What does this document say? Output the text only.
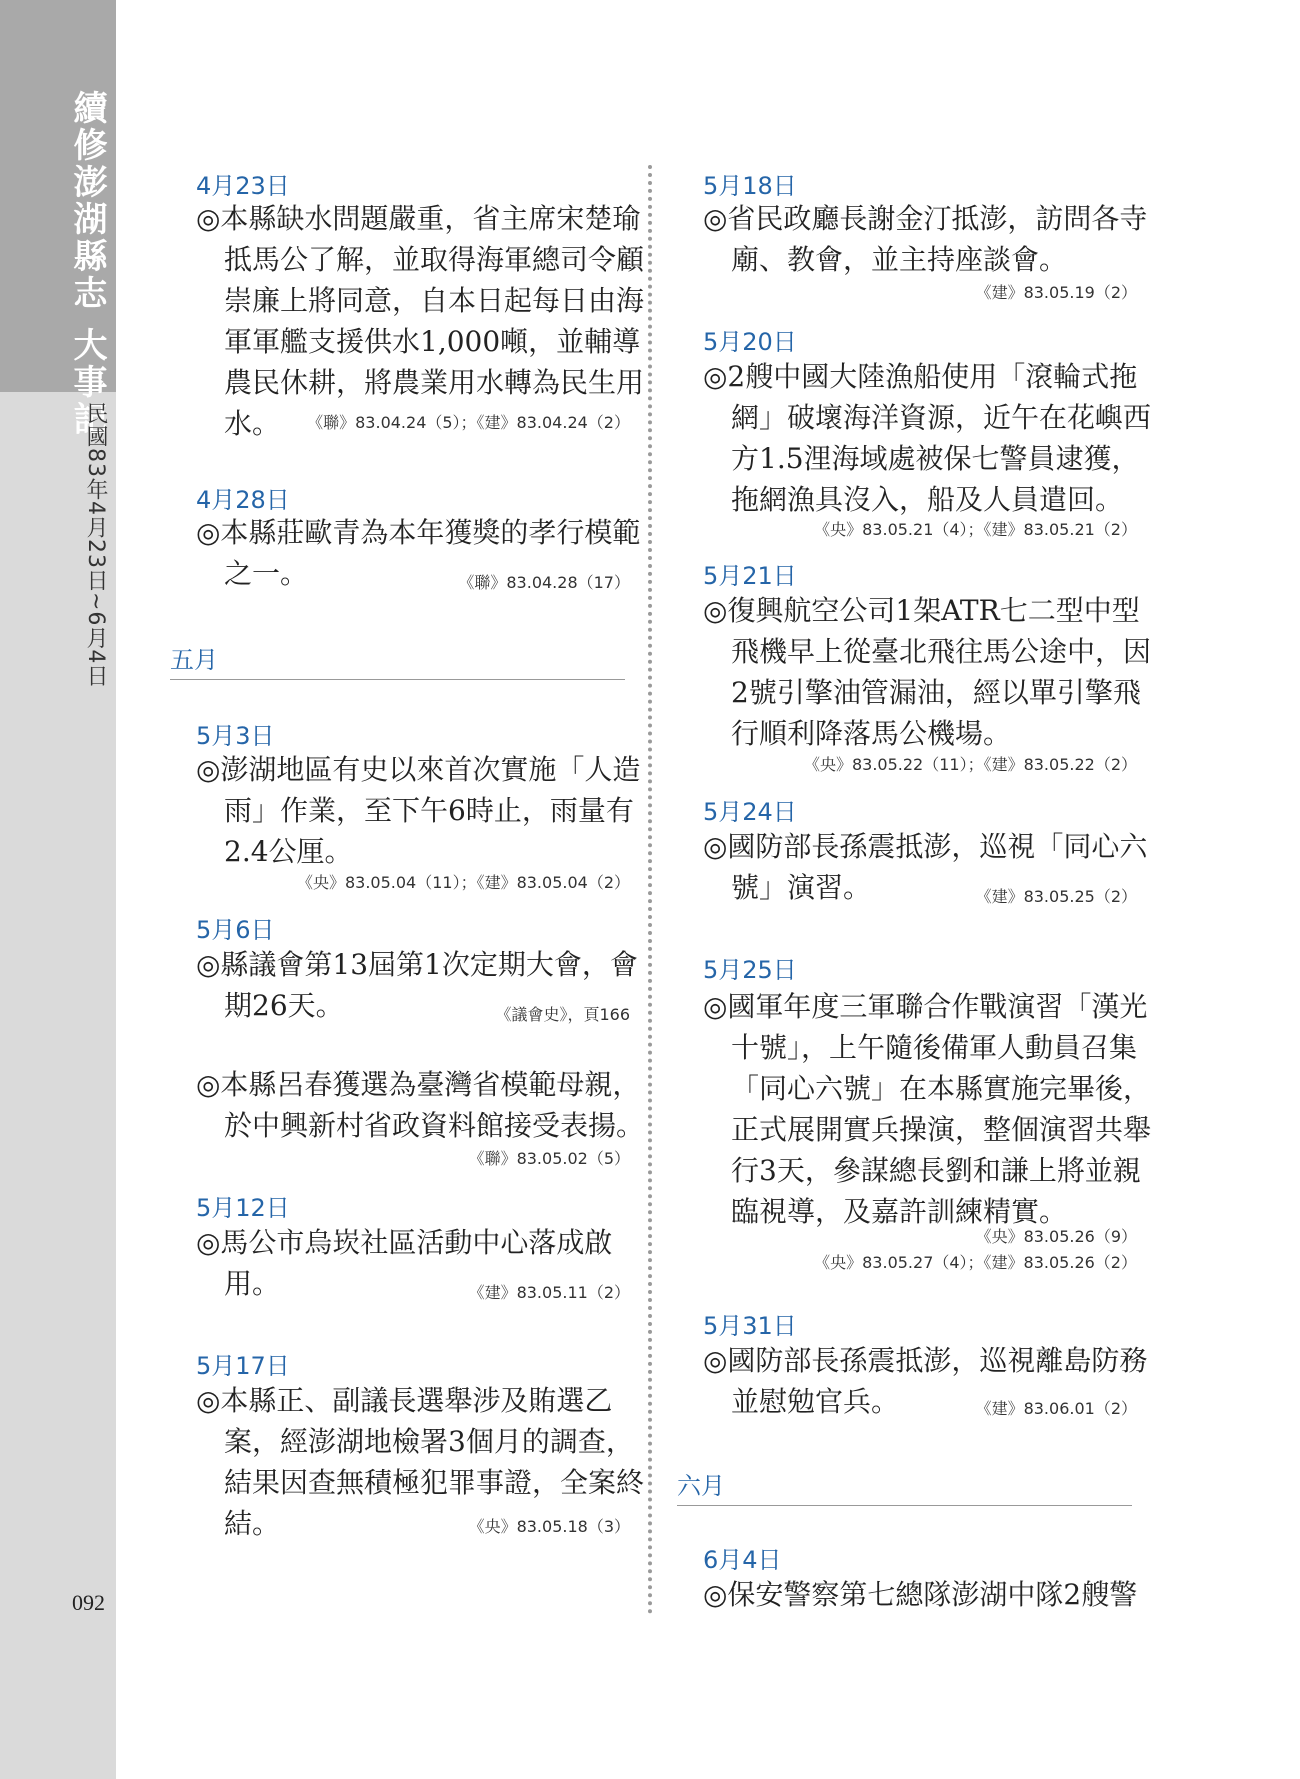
續修澎湖縣志 大事記
民國83年4月23日~6月4日
092
4月23日
◎本縣缺水問題嚴重，省主席宋楚瑜抵馬公了解，並取得海軍總司令顧崇廉上將同意，自本日起每日由海軍軍艦支援供水1,000噸，並輔導農民休耕，將農業用水轉為民生用水。	《聯》83.04.24（5）；《建》83.04.24（2）
4月28日
◎本縣莊歐青為本年獲獎的孝行模範之一。	《聯》83.04.28（17）
五月
5月3日
◎澎湖地區有史以來首次實施「人造雨」作業，至下午6時止，雨量有2.4公厘。
《央》83.05.04（11）；《建》83.05.04（2）
5月6日
◎縣議會第13屆第1次定期大會，會期26天。	《議會史》，頁166
◎本縣呂春獲選為臺灣省模範母親，於中興新村省政資料館接受表揚。
《聯》83.05.02（5）
5月12日
◎馬公市烏崁社區活動中心落成啟用。	《建》83.05.11（2）
5月17日
◎本縣正、副議長選舉涉及賄選乙案，經澎湖地檢署3個月的調查，結果因查無積極犯罪事證，全案終結。	《央》83.05.18（3）
5月18日
◎省民政廳長謝金汀抵澎，訪問各寺廟、教會，並主持座談會。
《建》83.05.19（2）
5月20日
◎2艘中國大陸漁船使用「滾輪式拖網」破壞海洋資源，近午在花嶼西方1.5浬海域處被保七警員逮獲，拖網漁具沒入，船及人員遣回。
《央》83.05.21（4）；《建》83.05.21（2）
5月21日
◎復興航空公司1架ATR七二型中型飛機早上從臺北飛往馬公途中，因2號引擎油管漏油，經以單引擎飛行順利降落馬公機場。
《央》83.05.22（11）；《建》83.05.22（2）
5月24日
◎國防部長孫震抵澎，巡視「同心六號」演習。	《建》83.05.25（2）
5月25日
◎國軍年度三軍聯合作戰演習「漢光十號」，上午隨後備軍人動員召集「同心六號」在本縣實施完畢後，正式展開實兵操演，整個演習共舉行3天，參謀總長劉和謙上將並親臨視導，及嘉許訓練精實。
《央》83.05.26（9）
《央》83.05.27（4）；《建》83.05.26（2）
5月31日
◎國防部長孫震抵澎，巡視離島防務並慰勉官兵。	《建》83.06.01（2）
六月
6月4日
◎保安警察第七總隊澎湖中隊2艘警
